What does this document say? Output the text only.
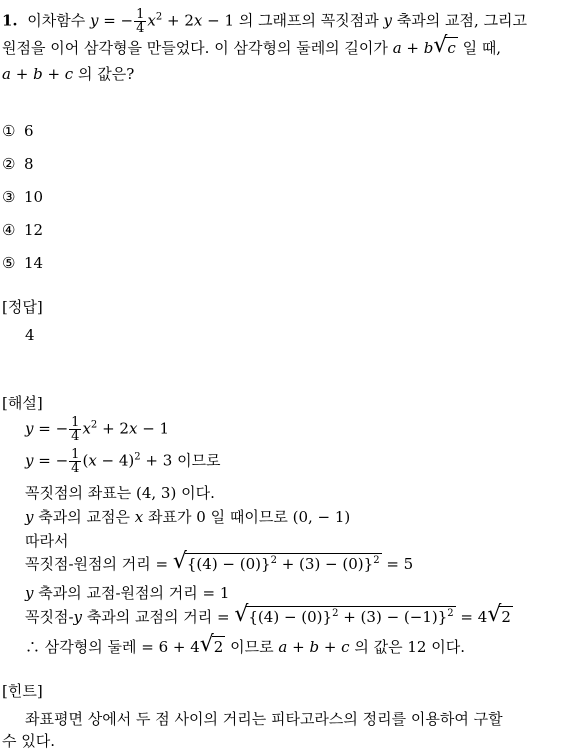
1. 이차함수 y = − $\frac{1}{4} x^2 + 2x - 1$ 의 그래프의 꼭짓점과 y 축과의 교점, 그리고
원점을 이어 삼각형을 만들었다. 이 삼각형의 둘레의 길이가 a + b√ c 일 때,
a + b + c 의 값은?
① 6
② 8
③ 10
④ 12
⑤ 14
[정답]
4
[해설]
y = − $\frac{1}{4} x^2 + 2x - 1$
y = − $\frac{1}{4} (x - 4)^2 + 3$ 이므로
꼭짓점의 좌표는 (4, 3) 이다.
y 축과의 교점은 x 좌표가 0 일 때이므로 (0, − 1)
따라서
꼭짓점-원점의 거리 = √ $\{(4) - (0)\}^2 + (3) - (0)\}^2 = 5$
y 축과의 교점-원점의 거리 = 1
꼭짓점-y 축과의 교점의 거리 = √ $\{(4) - (0)\}^2 + (3) - (-1)\}^2 = 4√$ 2
∴ 삼각형의 둘레 = 6 + 4√ 2 이므로 a + b + c 의 값은 12 이다.
[힌트]
좌표평면 상에서 두 점 사이의 거리는 피타고라스의 정리를 이용하여 구할
수 있다.
